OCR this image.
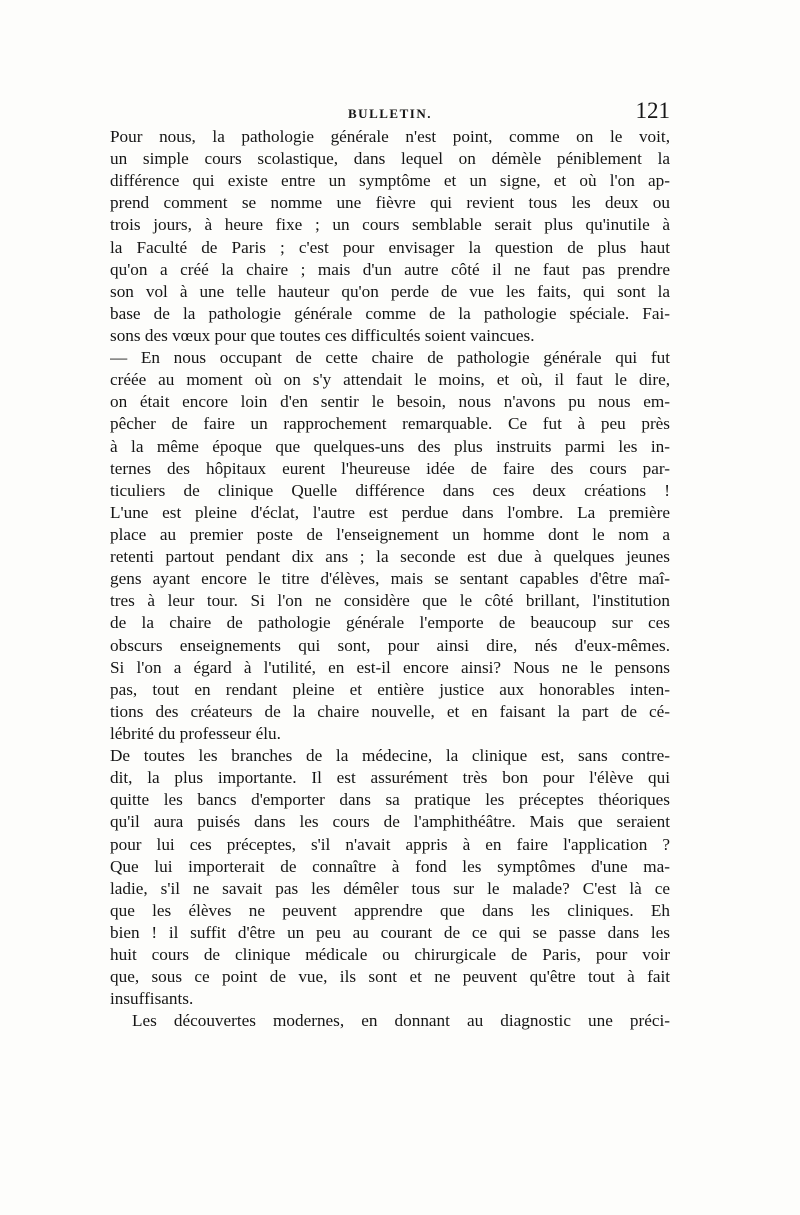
BULLETIN.	121

Pour nous, la pathologie générale n'est point, comme on le voit,
un simple cours scolastique, dans lequel on démèle péniblement la
différence qui existe entre un symptôme et un signe, et où l'on ap-
prend comment se nomme une fièvre qui revient tous les deux ou
trois jours, à heure fixe ; un cours semblable serait plus qu'inutile à
la Faculté de Paris ; c'est pour envisager la question de plus haut
qu'on a créé la chaire ; mais d'un autre côté il ne faut pas prendre
son vol à une telle hauteur qu'on perde de vue les faits, qui sont la
base de la pathologie générale comme de la pathologie spéciale. Fai-
sons des vœux pour que toutes ces difficultés soient vaincues.

— En nous occupant de cette chaire de pathologie générale qui fut
créée au moment où on s'y attendait le moins, et où, il faut le dire,
on était encore loin d'en sentir le besoin, nous n'avons pu nous em-
pêcher de faire un rapprochement remarquable. Ce fut à peu près
à la même époque que quelques-uns des plus instruits parmi les in-
ternes des hôpitaux eurent l'heureuse idée de faire des cours par-
ticuliers de clinique Quelle différence dans ces deux créations !
L'une est pleine d'éclat, l'autre est perdue dans l'ombre. La première
place au premier poste de l'enseignement un homme dont le nom a
retenti partout pendant dix ans ; la seconde est due à quelques jeunes
gens ayant encore le titre d'élèves, mais se sentant capables d'être maî-
tres à leur tour. Si l'on ne considère que le côté brillant, l'institution
de la chaire de pathologie générale l'emporte de beaucoup sur ces
obscurs enseignements qui sont, pour ainsi dire, nés d'eux-mêmes.
Si l'on a égard à l'utilité, en est-il encore ainsi? Nous ne le pensons
pas, tout en rendant pleine et entière justice aux honorables inten-
tions des créateurs de la chaire nouvelle, et en faisant la part de cé-
lébrité du professeur élu.

De toutes les branches de la médecine, la clinique est, sans contre-
dit, la plus importante. Il est assurément très bon pour l'élève qui
quitte les bancs d'emporter dans sa pratique les préceptes théoriques
qu'il aura puisés dans les cours de l'amphithéâtre. Mais que seraient
pour lui ces préceptes, s'il n'avait appris à en faire l'application ?
Que lui importerait de connaître à fond les symptômes d'une ma-
ladie, s'il ne savait pas les démêler tous sur le malade? C'est là ce
que les élèves ne peuvent apprendre que dans les cliniques. Eh
bien ! il suffit d'être un peu au courant de ce qui se passe dans les
huit cours de clinique médicale ou chirurgicale de Paris, pour voir
que, sous ce point de vue, ils sont et ne peuvent qu'être tout à fait
insuffisants.

Les découvertes modernes, en donnant au diagnostic une préci-
